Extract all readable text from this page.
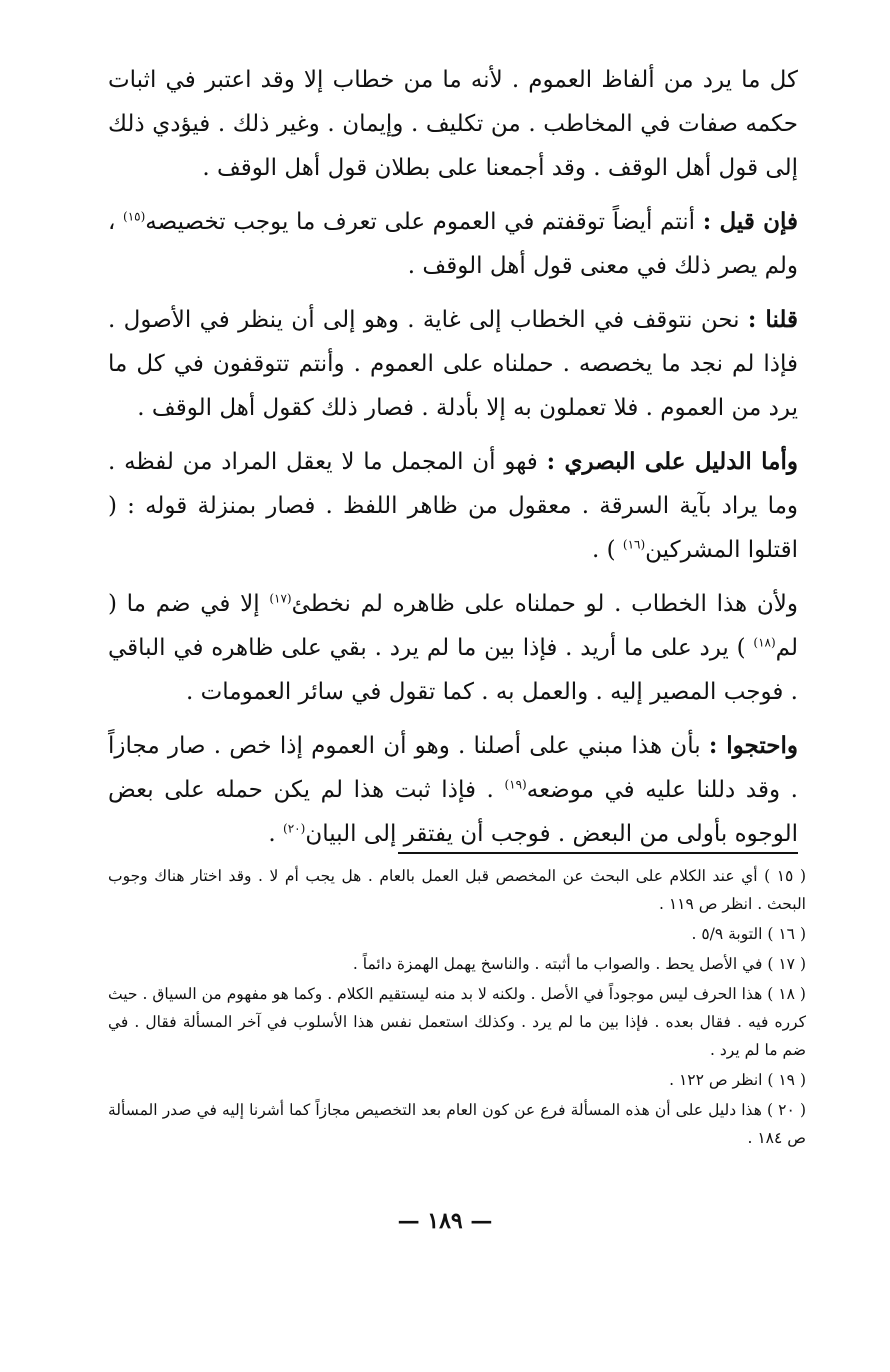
كل ما يرد من ألفاظ العموم . لأنه ما من خطاب إلا وقد اعتبر في اثبات حكمه صفات في المخاطب . من تكليف . وإيمان . وغير ذلك . فيؤدي ذلك إلى قول أهل الوقف . وقد أجمعنا على بطلان قول أهل الوقف .

فإن قيل : أنتم أيضاً توقفتم في العموم على تعرف ما يوجب تخصيصه$^{(١٥)}$ ، ولم يصر ذلك في معنى قول أهل الوقف .

قلنا : نحن نتوقف في الخطاب إلى غاية . وهو إلى أن ينظر في الأصول . فإذا لم نجد ما يخصصه . حملناه على العموم . وأنتم تتوقفون في كل ما يرد من العموم . فلا تعملون به إلا بأدلة . فصار ذلك كقول أهل الوقف .

وأما الدليل على البصري : فهو أن المجمل ما لا يعقل المراد من لفظه . وما يراد بآية السرقة . معقول من ظاهر اللفظ . فصار بمنزلة قوله : ( اقتلوا المشركين$^{(١٦)}$ ) .

ولأن هذا الخطاب . لو حملناه على ظاهره لم نخطئ$^{(١٧)}$ إلا في ضم ما ( لم$^{(١٨)}$ ) يرد على ما أريد . فإذا بين ما لم يرد . بقي على ظاهره في الباقي . فوجب المصير إليه . والعمل به . كما تقول في سائر العمومات .

واحتجوا : بأن هذا مبني على أصلنا . وهو أن العموم إذا خص . صار مجازاً . وقد دللنا عليه في موضعه$^{(١٩)}$ . فإذا ثبت هذا لم يكن حمله على بعض الوجوه بأولى من البعض . فوجب أن يفتقر إلى البيان$^{(٢٠)}$ .

( ١٥ ) أي عند الكلام على البحث عن المخصص قبل العمل بالعام . هل يجب أم لا . وقد اختار هناك وجوب البحث . انظر ص ١١٩ .

( ١٦ ) التوبة ٥/٩ .

( ١٧ ) في الأصل يحط . والصواب ما أثبته . والناسخ يهمل الهمزة دائماً .

( ١٨ ) هذا الحرف ليس موجوداً في الأصل . ولكنه لا بد منه ليستقيم الكلام . وكما هو مفهوم من السياق . حيث كرره فيه . فقال بعده . فإذا بين ما لم يرد . وكذلك استعمل نفس هذا الأسلوب في آخر المسألة فقال . في ضم ما لم يرد .

( ١٩ ) انظر ص ١٢٢ .

( ٢٠ ) هذا دليل على أن هذه المسألة فرع عن كون العام بعد التخصيص مجازاً كما أشرنا إليه في صدر المسألة ص ١٨٤ .

— ١٨٩ —
